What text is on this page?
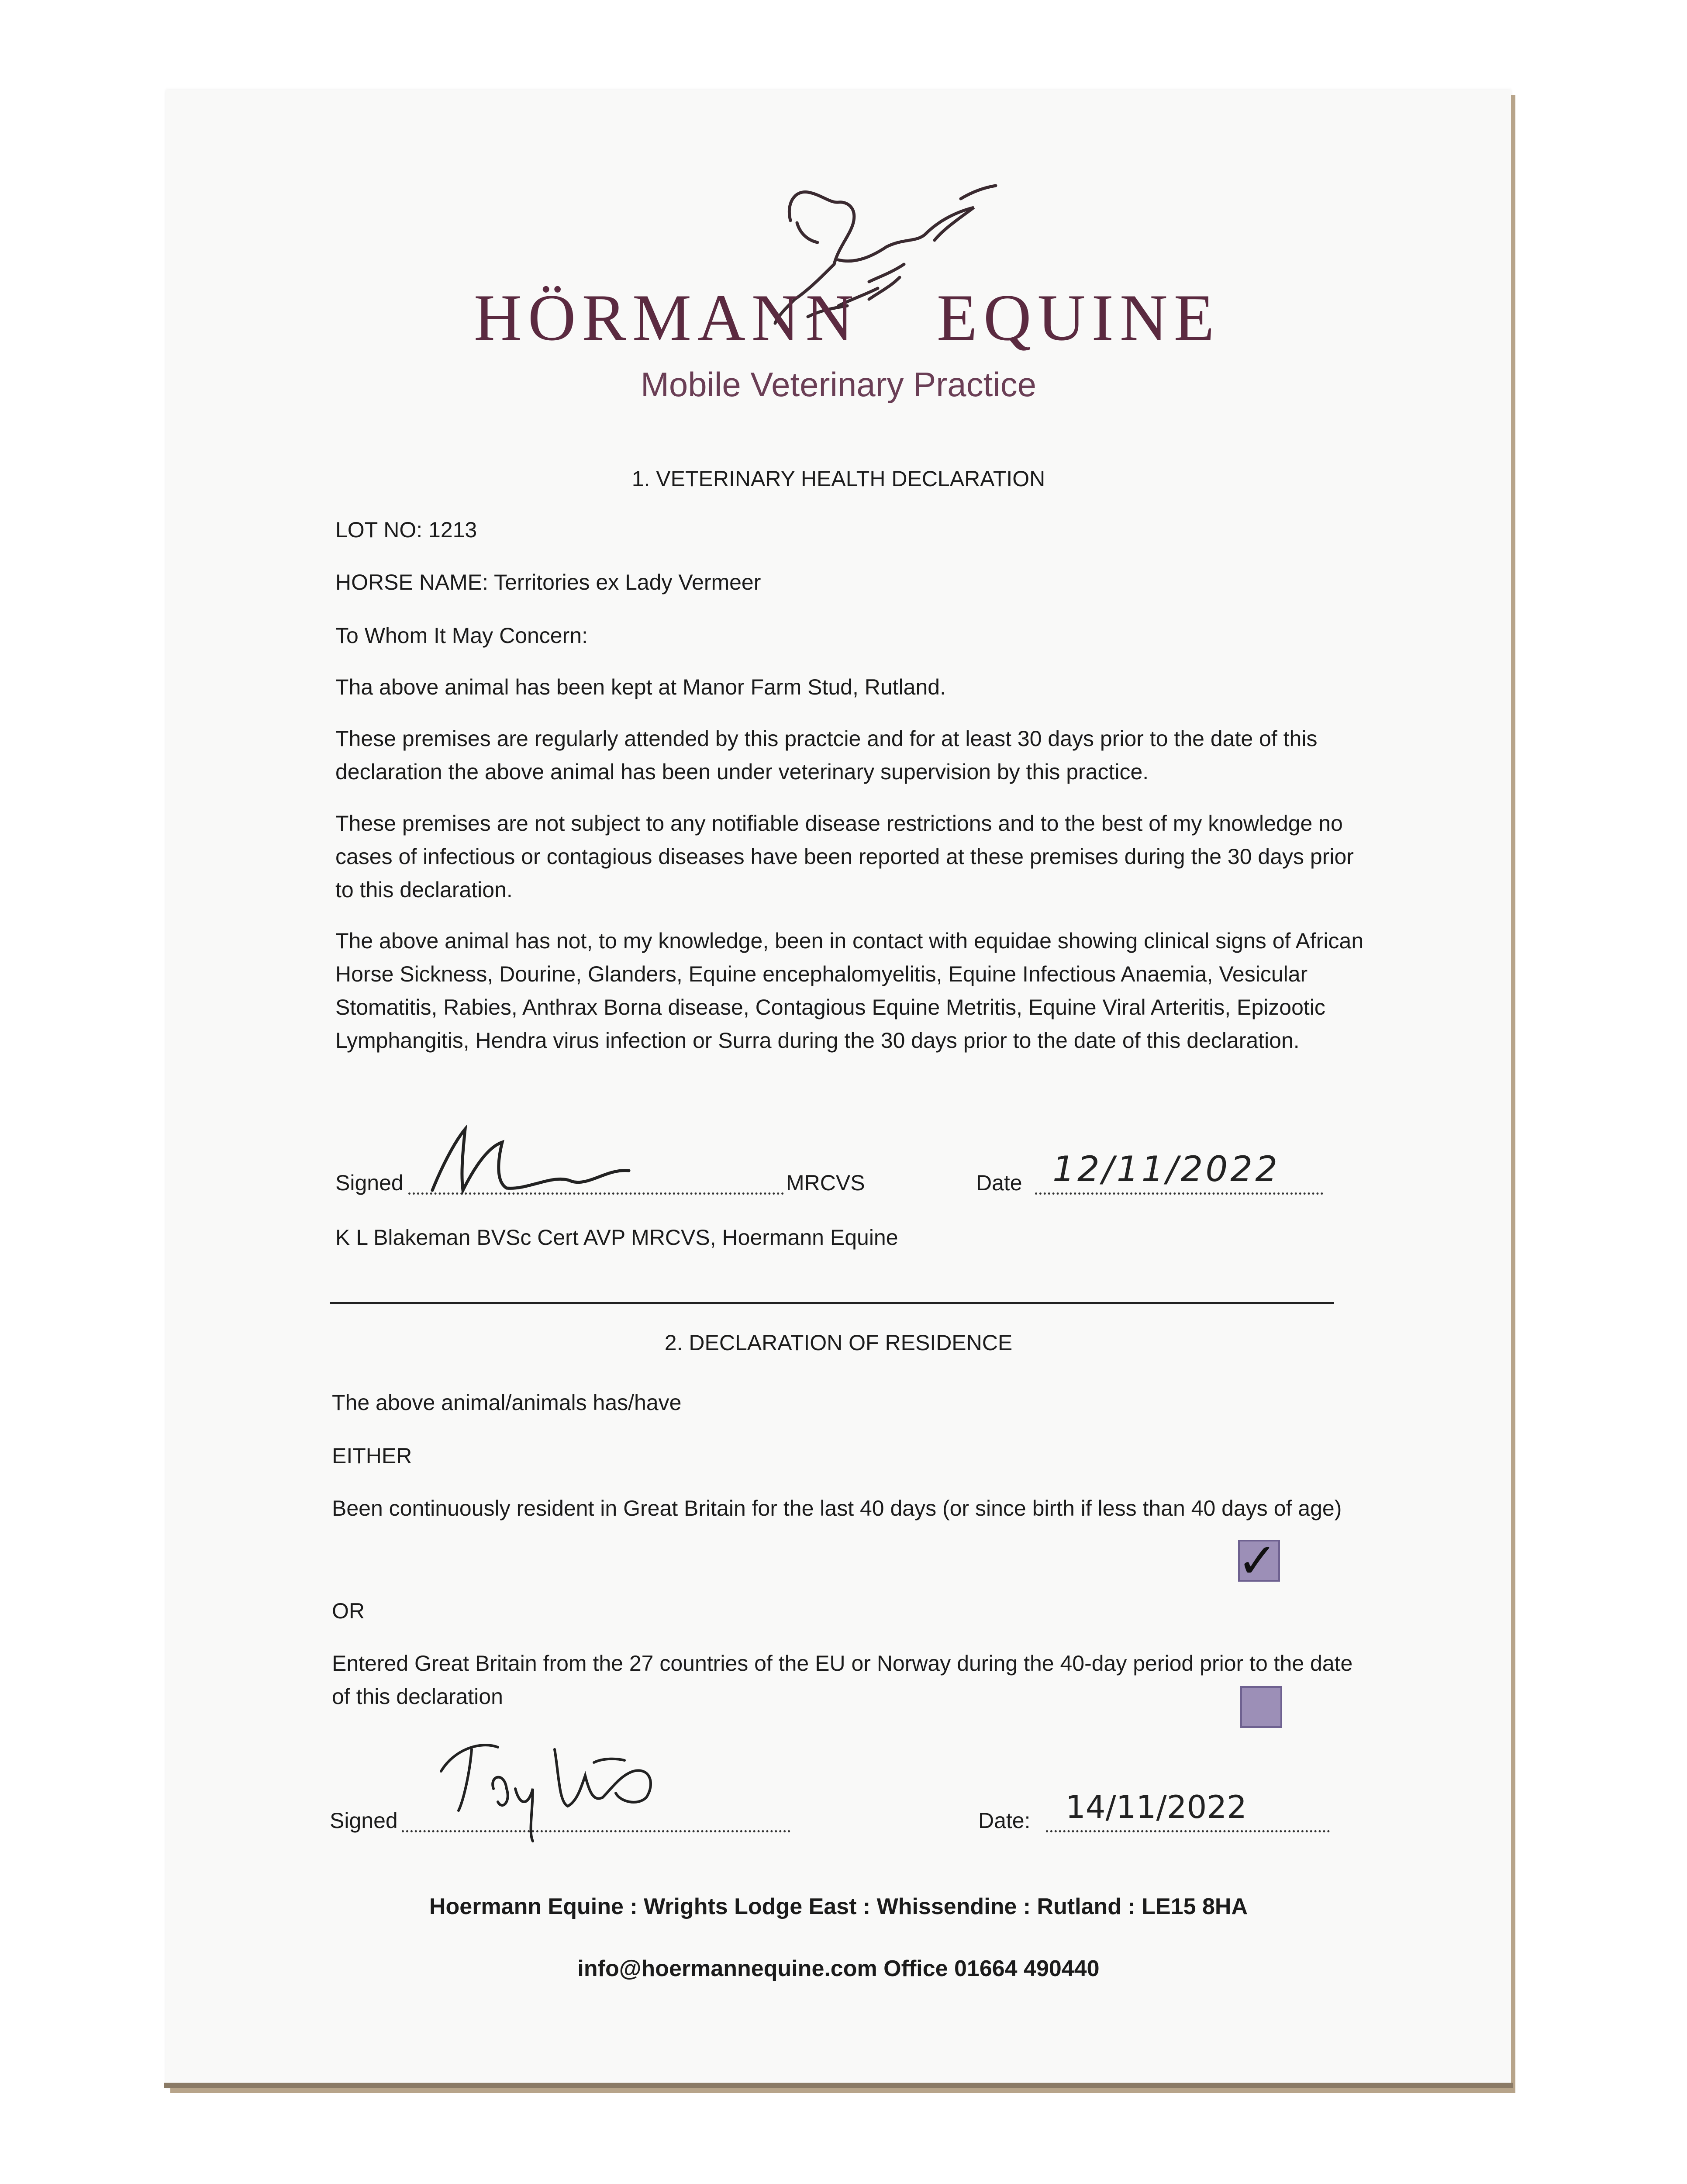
HÖRMANN EQUINE
Mobile Veterinary Practice
1. VETERINARY HEALTH DECLARATION
LOT NO: 1213
HORSE NAME: Territories ex Lady Vermeer
To Whom It May Concern:

Tha above animal has been kept at Manor Farm Stud, Rutland.

These premises are regularly attended by this practcie and for at least 30 days prior to the date of this declaration the above animal has been under veterinary supervision by this practice.

These premises are not subject to any notifiable disease restrictions and to the best of my knowledge no cases of infectious or contagious diseases have been reported at these premises during the 30 days prior to this declaration.

The above animal has not, to my knowledge, been in contact with equidae showing clinical signs of African Horse Sickness, Dourine, Glanders, Equine encephalomyelitis, Equine Infectious Anaemia, Vesicular Stomatitis, Rabies, Anthrax Borna disease, Contagious Equine Metritis, Equine Viral Arteritis, Epizootic Lymphangitis, Hendra virus infection or Surra during the 30 days prior to the date of this declaration.

Signed	MRCVS	Date 12/11/2022
K L Blakeman BVSc Cert AVP MRCVS, Hoermann Equine
2. DECLARATION OF RESIDENCE
The above animal/animals has/have
EITHER

Been continuously resident in Great Britain for the last 40 days (or since birth if less than 40 days of age)

✓
OR

Entered Great Britain from the 27 countries of the EU or Norway during the 40-day period prior to the date of this declaration

Signed	Date: 14/11/2022
Hoermann Equine : Wrights Lodge East : Whissendine : Rutland : LE15 8HA
info@hoermannequine.com Office 01664 490440
